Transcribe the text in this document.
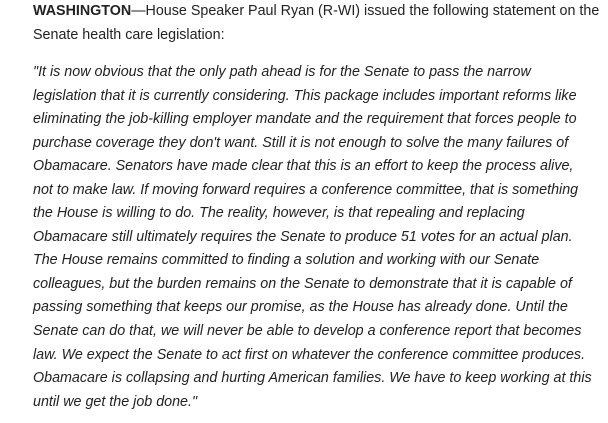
WASHINGTON—House Speaker Paul Ryan (R-WI) issued the following statement on the
Senate health care legislation:

"It is now obvious that the only path ahead is for the Senate to pass the narrow
legislation that it is currently considering. This package includes important reforms like
eliminating the job-killing employer mandate and the requirement that forces people to
purchase coverage they don't want. Still it is not enough to solve the many failures of
Obamacare. Senators have made clear that this is an effort to keep the process alive,
not to make law. If moving forward requires a conference committee, that is something
the House is willing to do. The reality, however, is that repealing and replacing
Obamacare still ultimately requires the Senate to produce 51 votes for an actual plan.
The House remains committed to finding a solution and working with our Senate
colleagues, but the burden remains on the Senate to demonstrate that it is capable of
passing something that keeps our promise, as the House has already done. Until the
Senate can do that, we will never be able to develop a conference report that becomes
law. We expect the Senate to act first on whatever the conference committee produces.
Obamacare is collapsing and hurting American families. We have to keep working at this
until we get the job done."
